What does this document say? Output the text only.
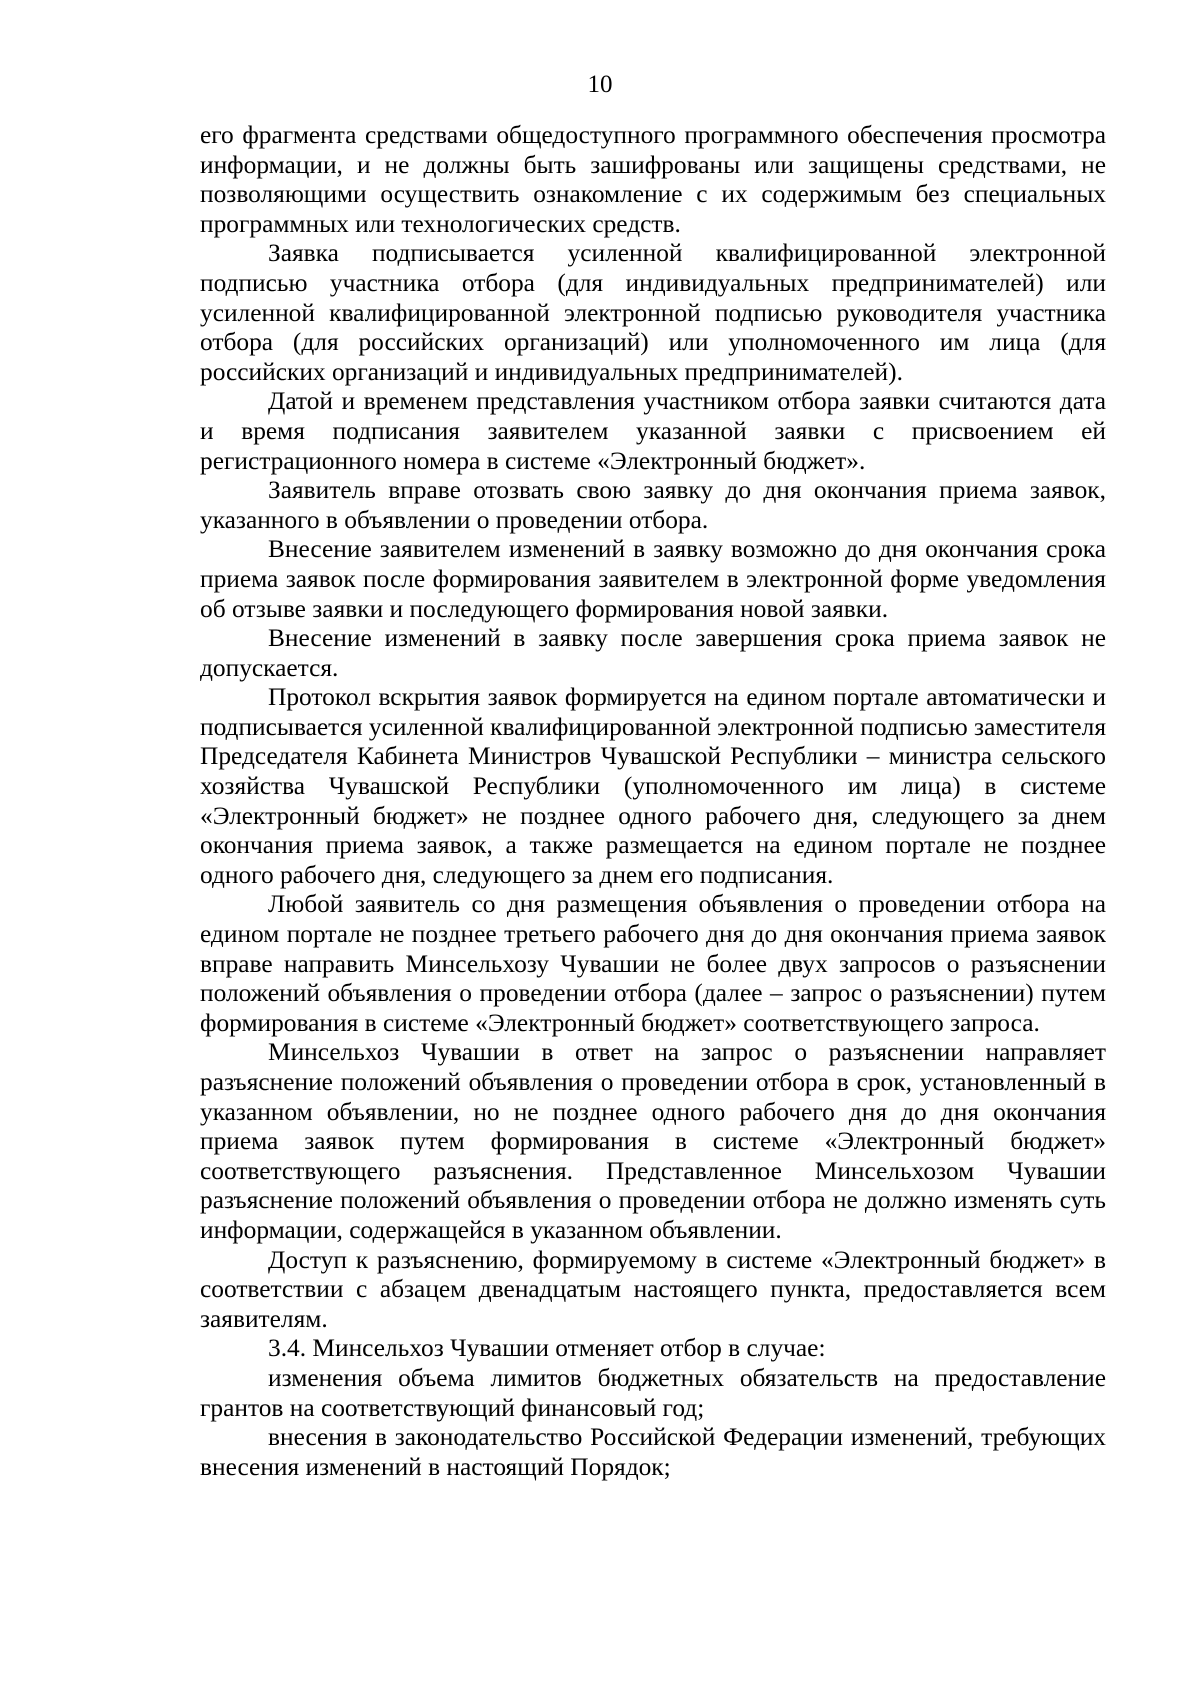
10

его фрагмента средствами общедоступного программного обеспечения просмотра информации, и не должны быть зашифрованы или защищены средствами, не позволяющими осуществить ознакомление с их содержимым без специальных программных или технологических средств.

Заявка подписывается усиленной квалифицированной электронной подписью участника отбора (для индивидуальных предпринимателей) или усиленной квалифицированной электронной подписью руководителя участника отбора (для российских организаций) или уполномоченного им лица (для российских организаций и индивидуальных предпринимателей).

Датой и временем представления участником отбора заявки считаются дата и время подписания заявителем указанной заявки с присвоением ей регистрационного номера в системе «Электронный бюджет».

Заявитель вправе отозвать свою заявку до дня окончания приема заявок, указанного в объявлении о проведении отбора.

Внесение заявителем изменений в заявку возможно до дня окончания срока приема заявок после формирования заявителем в электронной форме уведомления об отзыве заявки и последующего формирования новой заявки.

Внесение изменений в заявку после завершения срока приема заявок не допускается.

Протокол вскрытия заявок формируется на едином портале автоматически и подписывается усиленной квалифицированной электронной подписью заместителя Председателя Кабинета Министров Чувашской Республики – министра сельского хозяйства Чувашской Республики (уполномоченного им лица) в системе «Электронный бюджет» не позднее одного рабочего дня, следующего за днем окончания приема заявок, а также размещается на едином портале не позднее одного рабочего дня, следующего за днем его подписания.

Любой заявитель со дня размещения объявления о проведении отбора на едином портале не позднее третьего рабочего дня до дня окончания приема заявок вправе направить Минсельхозу Чувашии не более двух запросов о разъяснении положений объявления о проведении отбора (далее – запрос о разъяснении) путем формирования в системе «Электронный бюджет» соответствующего запроса.

Минсельхоз Чувашии в ответ на запрос о разъяснении направляет разъяснение положений объявления о проведении отбора в срок, установленный в указанном объявлении, но не позднее одного рабочего дня до дня окончания приема заявок путем формирования в системе «Электронный бюджет» соответствующего разъяснения. Представленное Минсельхозом Чувашии разъяснение положений объявления о проведении отбора не должно изменять суть информации, содержащейся в указанном объявлении.

Доступ к разъяснению, формируемому в системе «Электронный бюджет» в соответствии с абзацем двенадцатым настоящего пункта, предоставляется всем заявителям.

3.4. Минсельхоз Чувашии отменяет отбор в случае:

изменения объема лимитов бюджетных обязательств на предоставление грантов на соответствующий финансовый год;

внесения в законодательство Российской Федерации изменений, требующих внесения изменений в настоящий Порядок;
